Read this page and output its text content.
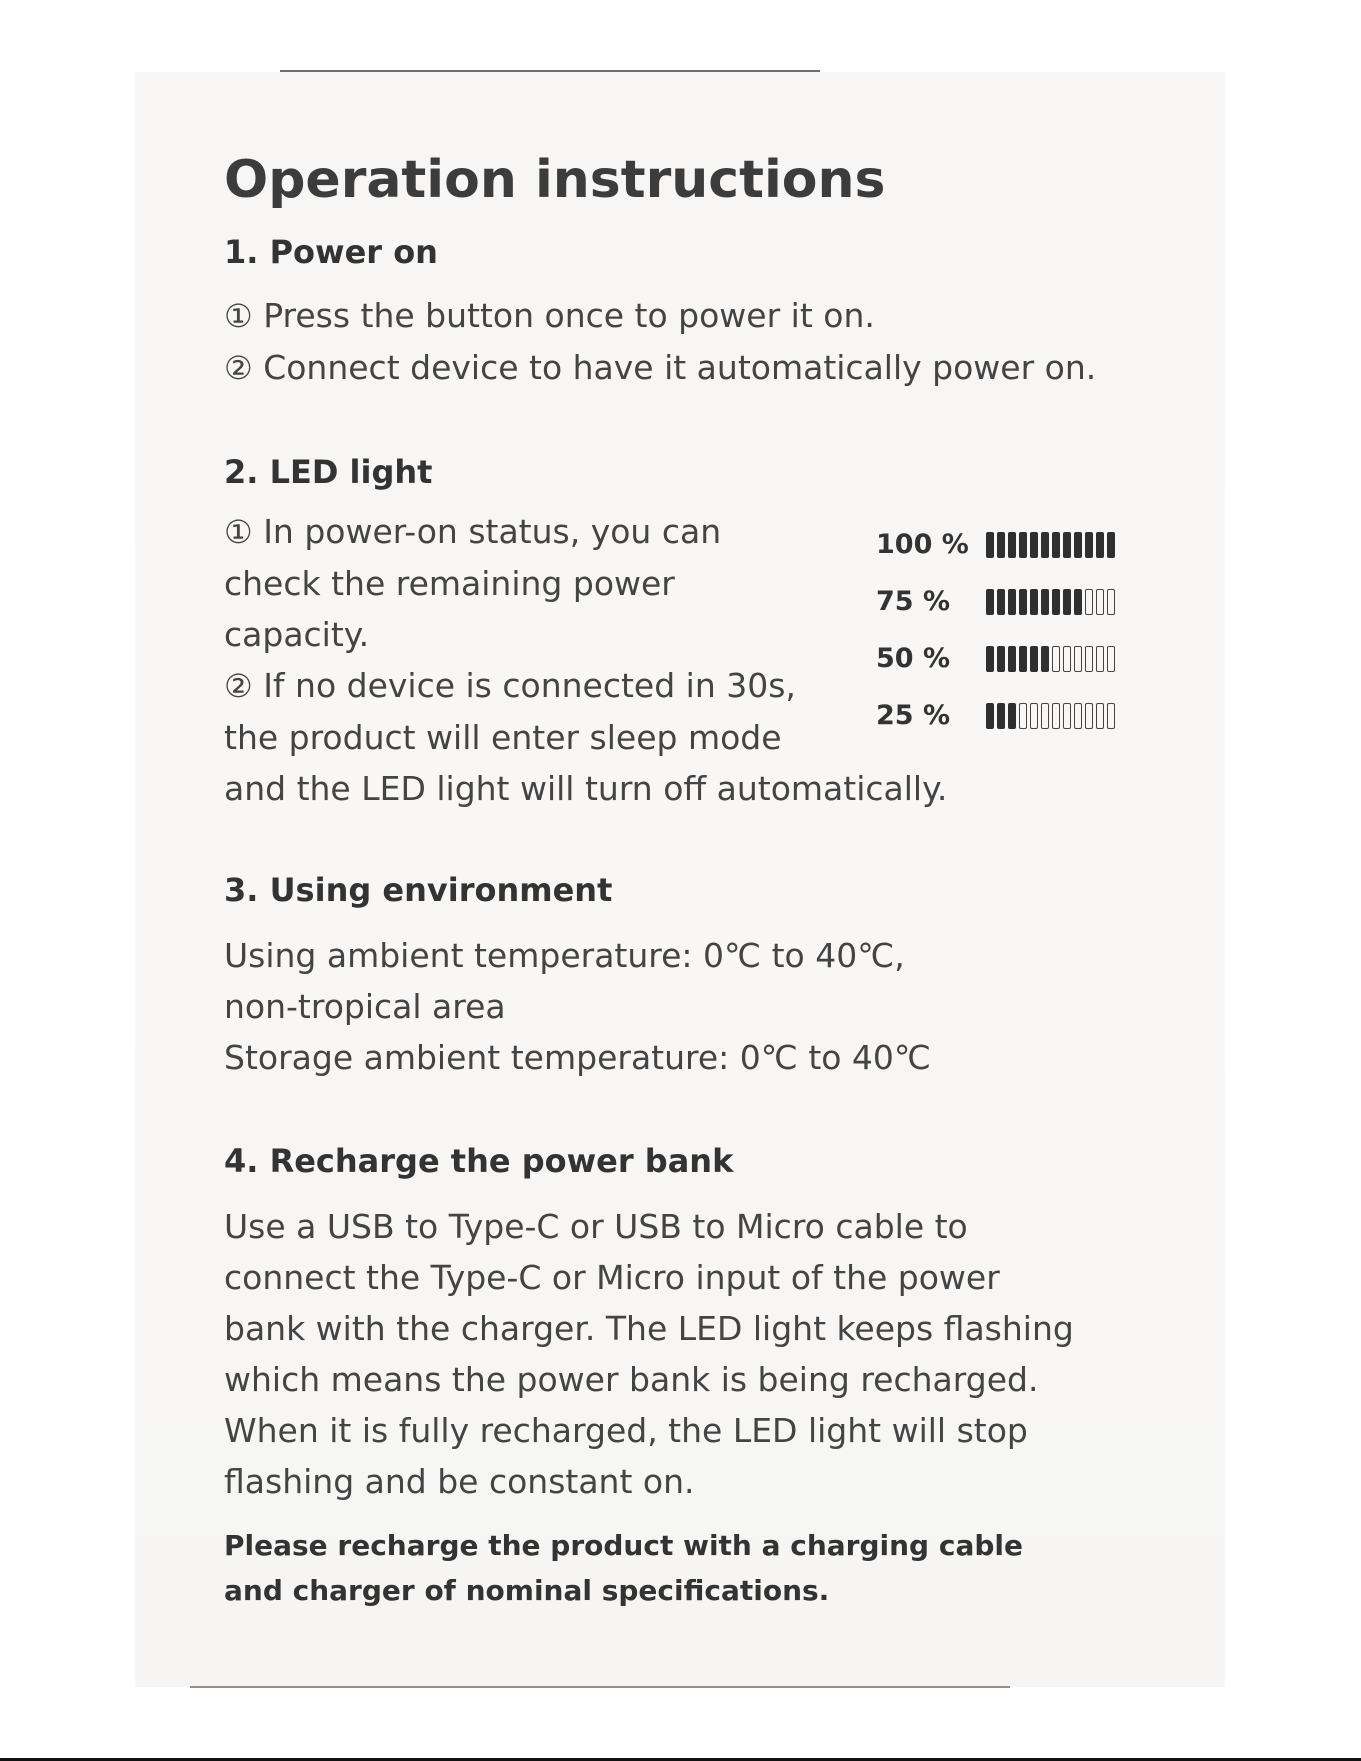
Operation instructions
1. Power on

① Press the button once to power it on.

② Connect device to have it automatically power on.

2. LED light

① In power-on status, you can

check the remaining power

capacity.

② If no device is connected in 30s,

the product will enter sleep mode

and the LED light will turn off automatically.

100 %
75 %
50 %
25 %
3. Using environment

Using ambient temperature: 0℃ to 40℃,

non-tropical area

Storage ambient temperature: 0℃ to 40℃

4. Recharge the power bank

Use a USB to Type-C or USB to Micro cable to

connect the Type-C or Micro input of the power

bank with the charger. The LED light keeps flashing

which means the power bank is being recharged.

When it is fully recharged, the LED light will stop

flashing and be constant on.

Please recharge the product with a charging cable
and charger of nominal specifications.
